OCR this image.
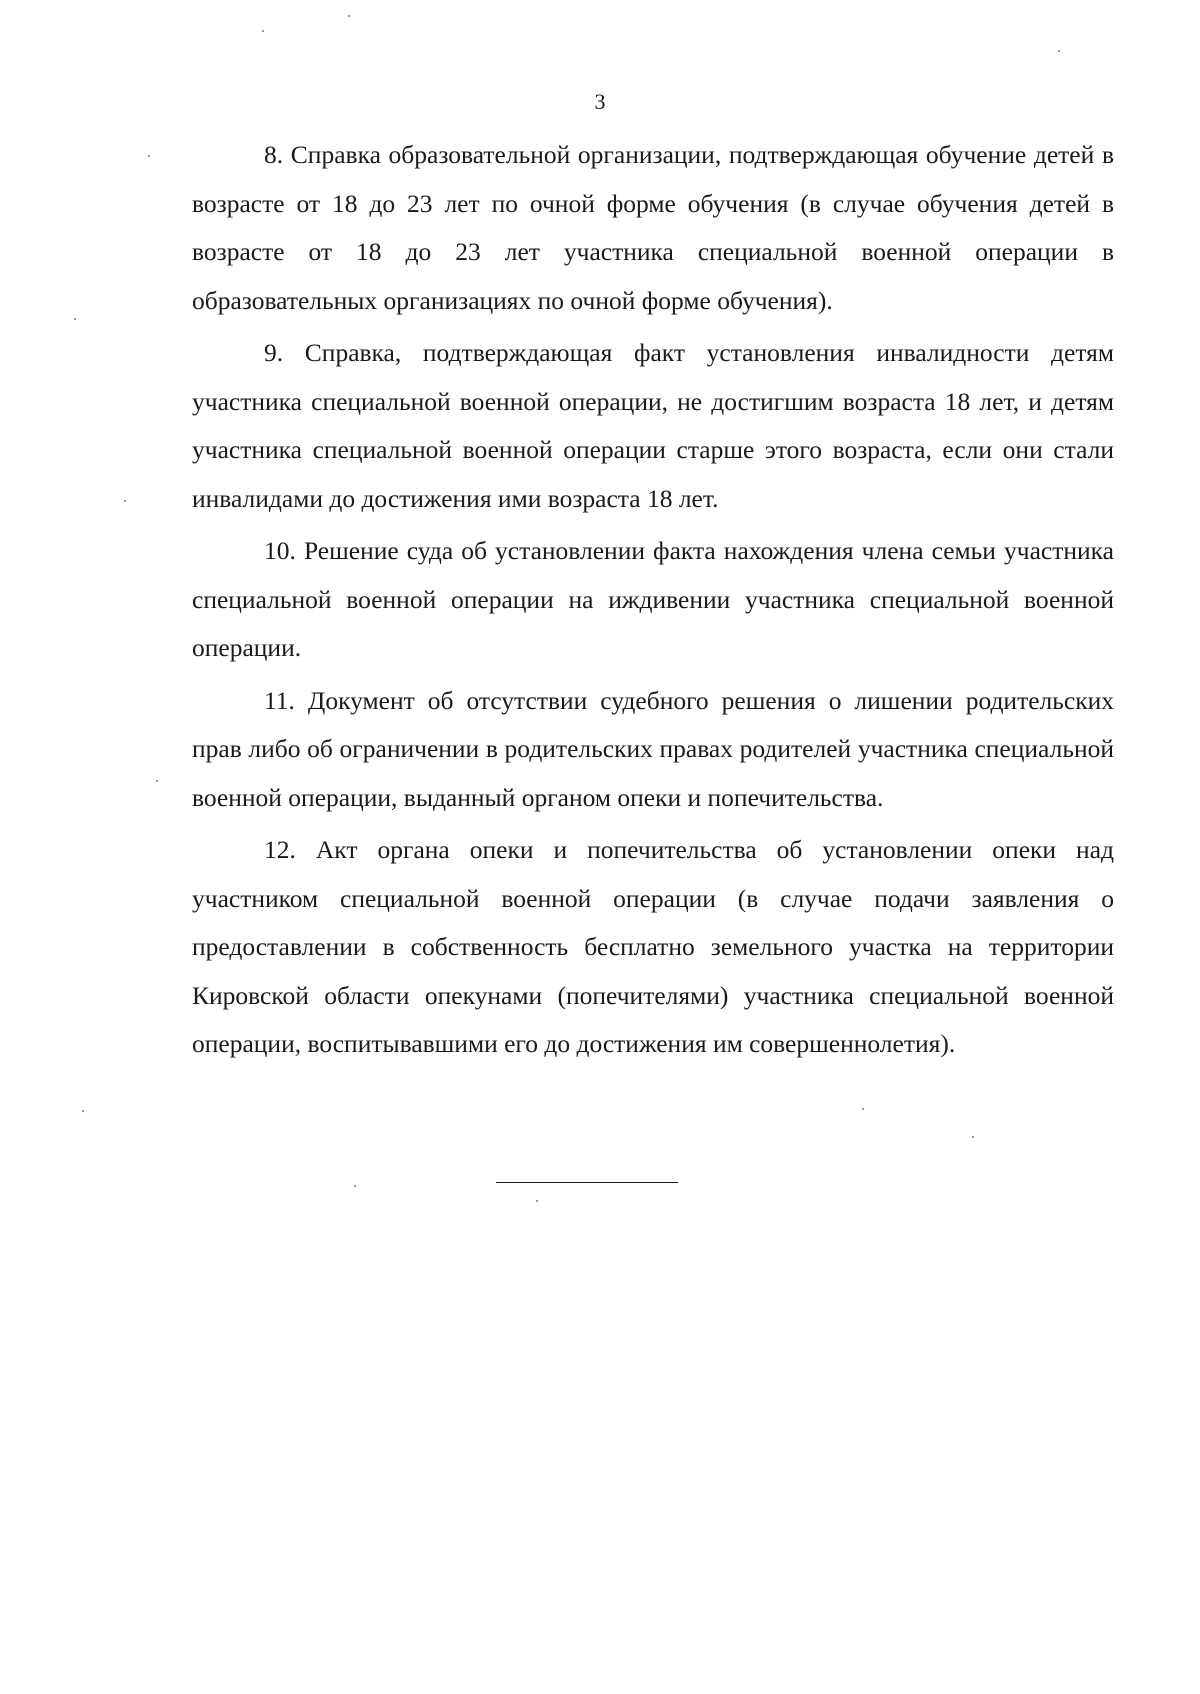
3

8. Справка образовательной организации, подтверждающая обучение детей в возрасте от 18 до 23 лет по очной форме обучения (в случае обучения детей в возрасте от 18 до 23 лет участника специальной военной операции в образовательных организациях по очной форме обучения).

9. Справка, подтверждающая факт установления инвалидности детям участника специальной военной операции, не достигшим возраста 18 лет, и детям участника специальной военной операции старше этого возраста, если они стали инвалидами до достижения ими возраста 18 лет.

10. Решение суда об установлении факта нахождения члена семьи участника специальной военной операции на иждивении участника специальной военной операции.

11. Документ об отсутствии судебного решения о лишении родительских прав либо об ограничении в родительских правах родителей участника специальной военной операции, выданный органом опеки и попечительства.

12. Акт органа опеки и попечительства об установлении опеки над участником специальной военной операции (в случае подачи заявления о предоставлении в собственность бесплатно земельного участка на территории Кировской области опекунами (попечителями) участника специальной военной операции, воспитывавшими его до достижения им совершеннолетия).
